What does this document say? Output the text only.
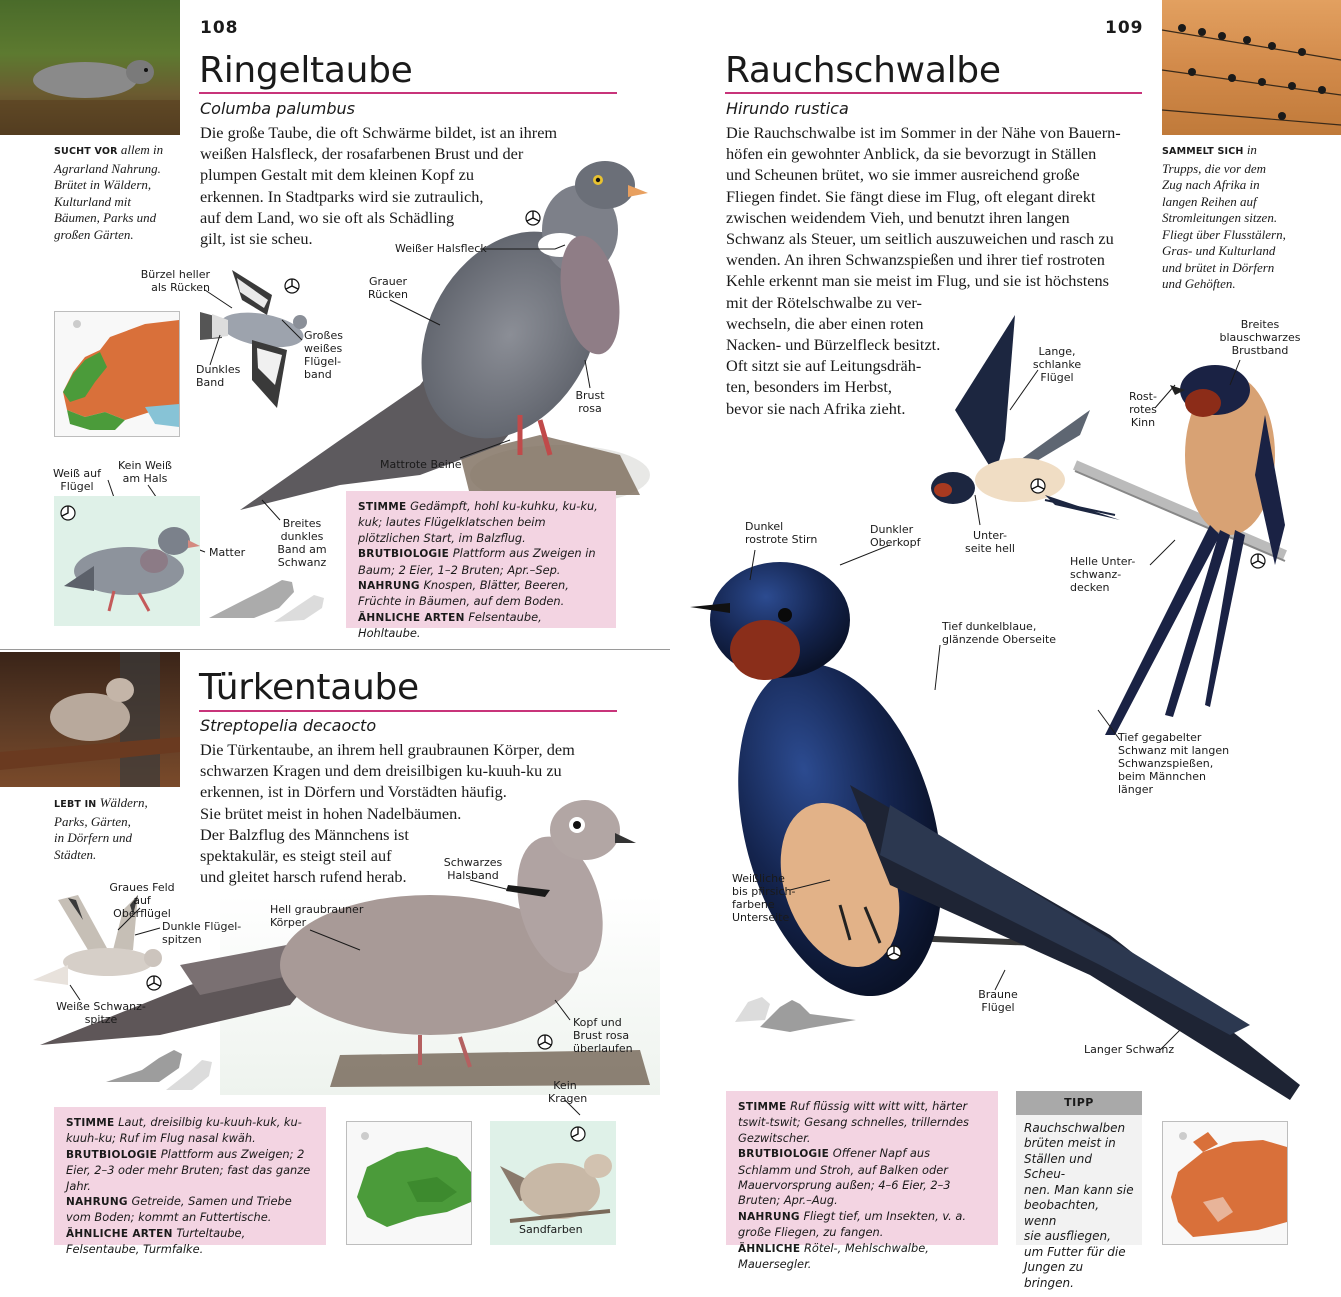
108
Ringeltaube
Columba palumbus
Die große Taube, die oft Schwärme bildet, ist an ihrem
weißen Halsfleck, der rosafarbenen Brust und der
plumpen Gestalt mit dem kleinen Kopf zu
erkennen. In Stadtparks wird sie zutraulich,
auf dem Land, wo sie oft als Schädling
gilt, ist sie scheu.
SUCHT VOR allem in
Agrarland Nahrung.
Brütet in Wäldern,
Kulturland mit
Bäumen, Parks und
großen Gärten.
Weißer Halsfleck
Grauer
Rücken
Bürzel heller
als Rücken
Dunkles
Band
Großes
weißes
Flügel-
band
Brust
rosa
Mattrote Beine
Weiß auf
Flügel
Kein Weiß
am Hals
Matter
Breites
dunkles
Band am
Schwanz
STIMME Gedämpft, hohl ku-kuhku, ku-ku, kuk; lautes Flügelklatschen beim plötzlichen Start, im Balzflug.
BRUTBIOLOGIE Plattform aus Zweigen in Baum; 2 Eier, 1–2 Bruten; Apr.–Sep.
NAHRUNG Knospen, Blätter, Beeren, Früchte in Bäumen, auf dem Boden.
ÄHNLICHE ARTEN Felsentaube, Hohltaube.
Türkentaube
Streptopelia decaocto
Die Türkentaube, an ihrem hell graubraunen Körper, dem
schwarzen Kragen und dem dreisilbigen ku-kuuh-ku zu
erkennen, ist in Dörfern und Vorstädten häufig.
Sie brütet meist in hohen Nadelbäumen.
Der Balzflug des Männchens ist
spektakulär, es steigt steil auf
und gleitet harsch rufend herab.
LEBT IN Wäldern,
Parks, Gärten,
in Dörfern und
Städten.
Schwarzes
Halsband
Graues Feld
auf Oberflügel
Dunkle Flügel-
spitzen
Hell graubrauner
Körper
Weiße Schwanz-
spitze	Kopf und
Brust rosa
überlaufen
STIMME Laut, dreisilbig ku-kuuh-kuk, ku-kuuh-ku; Ruf im Flug nasal kwäh.
BRUTBIOLOGIE Plattform aus Zweigen; 2 Eier, 2–3 oder mehr Bruten; fast das ganze Jahr.
NAHRUNG Getreide, Samen und Triebe vom Boden; kommt an Futtertische.
ÄHNLICHE ARTEN Turteltaube, Felsentaube, Turmfalke.
Kein
Kragen
Sandfarben
109
Rauchschwalbe
Hirundo rustica
Die Rauchschwalbe ist im Sommer in der Nähe von Bauern-
höfen ein gewohnter Anblick, da sie bevorzugt in Ställen
und Scheunen brütet, wo sie immer ausreichend große
Fliegen findet. Sie fängt diese im Flug, oft elegant direkt
zwischen weidendem Vieh, und benutzt ihren langen
Schwanz als Steuer, um seitlich auszuweichen und rasch zu
wenden. An ihren Schwanzspießen und ihrer tief rostroten
Kehle erkennt man sie meist im Flug, und sie ist höchstens
mit der Rötelschwalbe zu ver-
wechseln, die aber einen roten
Nacken- und Bürzelfleck besitzt.
Oft sitzt sie auf Leitungsdräh-
ten, besonders im Herbst,
bevor sie nach Afrika zieht.
SAMMELT SICH in
Trupps, die vor dem
Zug nach Afrika in
langen Reihen auf
Stromleitungen sitzen.
Fliegt über Flusstälern,
Gras- und Kulturland
und brütet in Dörfern
und Gehöften.
Lange,
schlanke
Flügel
Breites
blauschwarzes
Brustband
Rost-
rotes
Kinn
Unter-
seite hell
Dunkel
rostrote Stirn
Dunkler
Oberkopf
Helle Unter-
schwanz-
decken
Tief dunkelblaue,
glänzende Oberseite
Tief gegabelter
Schwanz mit langen
Schwanzspießen,
beim Männchen
länger
Weißliche
bis pfirsich-
farbene
Unterseite
Braune
Flügel
Langer Schwanz
STIMME Ruf flüssig witt witt witt, härter tswit-tswit; Gesang schnelles, trillerndes Gezwitscher.
BRUTBIOLOGIE Offener Napf aus Schlamm und Stroh, auf Balken oder Mauervorsprung außen; 4–6 Eier, 2–3 Bruten; Apr.–Aug.
NAHRUNG Fliegt tief, um Insekten, v. a. große Fliegen, zu fangen.
ÄHNLICHE Rötel-, Mehlschwalbe, Mauersegler.
TIPP
Rauchschwalben
brüten meist in
Ställen und Scheu-
nen. Man kann sie
beobachten, wenn
sie ausfliegen,
um Futter für die
Jungen zu bringen.
